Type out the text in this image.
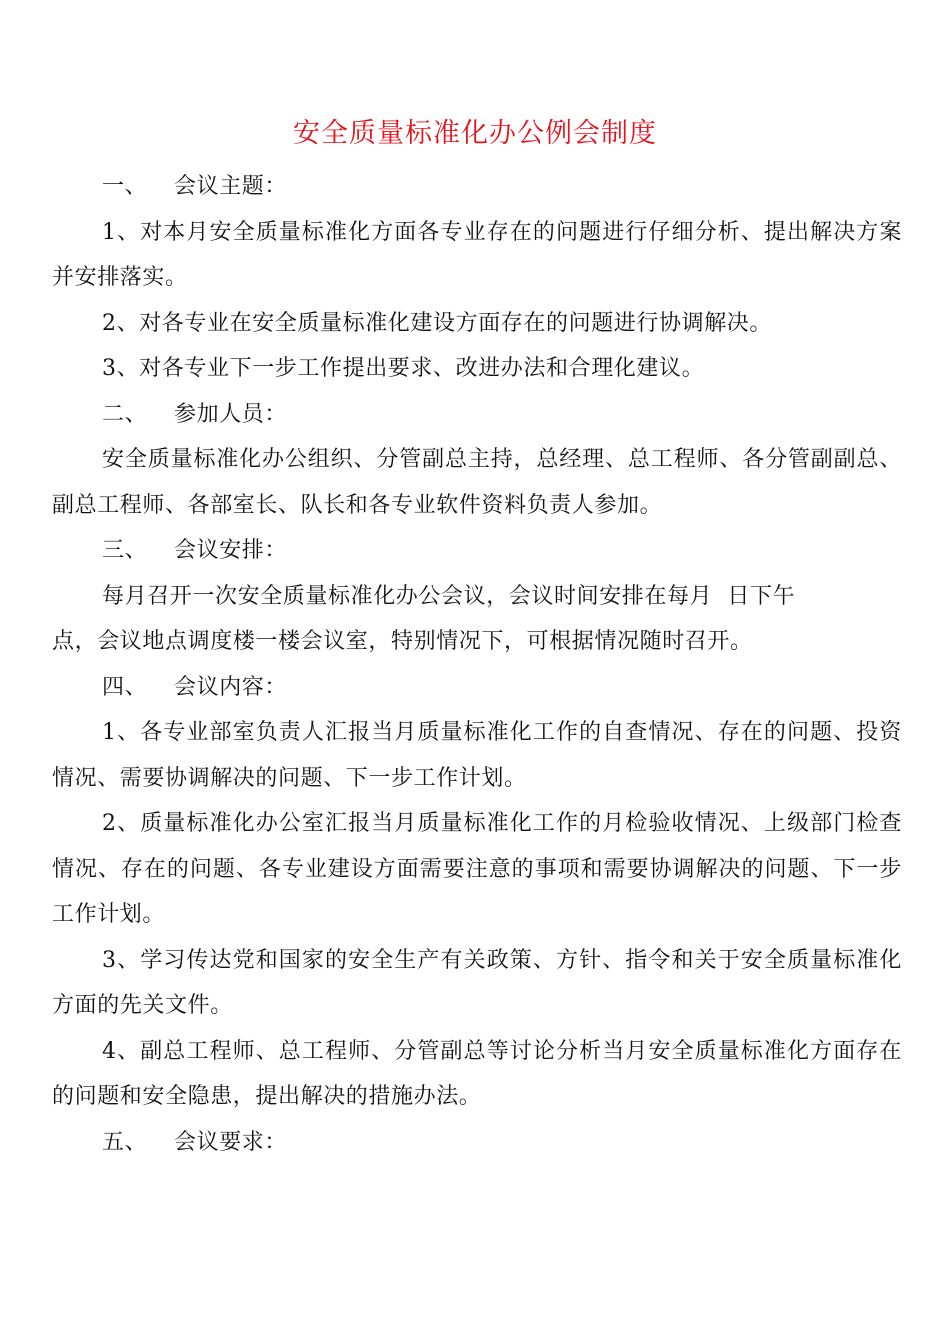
安全质量标准化办公例会制度

一、 会议主题：

1、对本月安全质量标准化方面各专业存在的问题进行仔细分析、提出解决方案并安排落实。

2、对各专业在安全质量标准化建设方面存在的问题进行协调解决。

3、对各专业下一步工作提出要求、改进办法和合理化建议。

二、 参加人员：

安全质量标准化办公组织、分管副总主持，总经理、总工程师、各分管副副总、副总工程师、各部室长、队长和各专业软件资料负责人参加。

三、 会议安排：

每月召开一次安全质量标准化办公会议，会议时间安排在每月  日下午

点，会议地点调度楼一楼会议室，特别情况下，可根据情况随时召开。

四、 会议内容：

1、各专业部室负责人汇报当月质量标准化工作的自查情况、存在的问题、投资情况、需要协调解决的问题、下一步工作计划。

2、质量标准化办公室汇报当月质量标准化工作的月检验收情况、上级部门检查情况、存在的问题、各专业建设方面需要注意的事项和需要协调解决的问题、下一步工作计划。

3、学习传达党和国家的安全生产有关政策、方针、指令和关于安全质量标准化方面的先关文件。

4、副总工程师、总工程师、分管副总等讨论分析当月安全质量标准化方面存在的问题和安全隐患，提出解决的措施办法。

五、 会议要求：
